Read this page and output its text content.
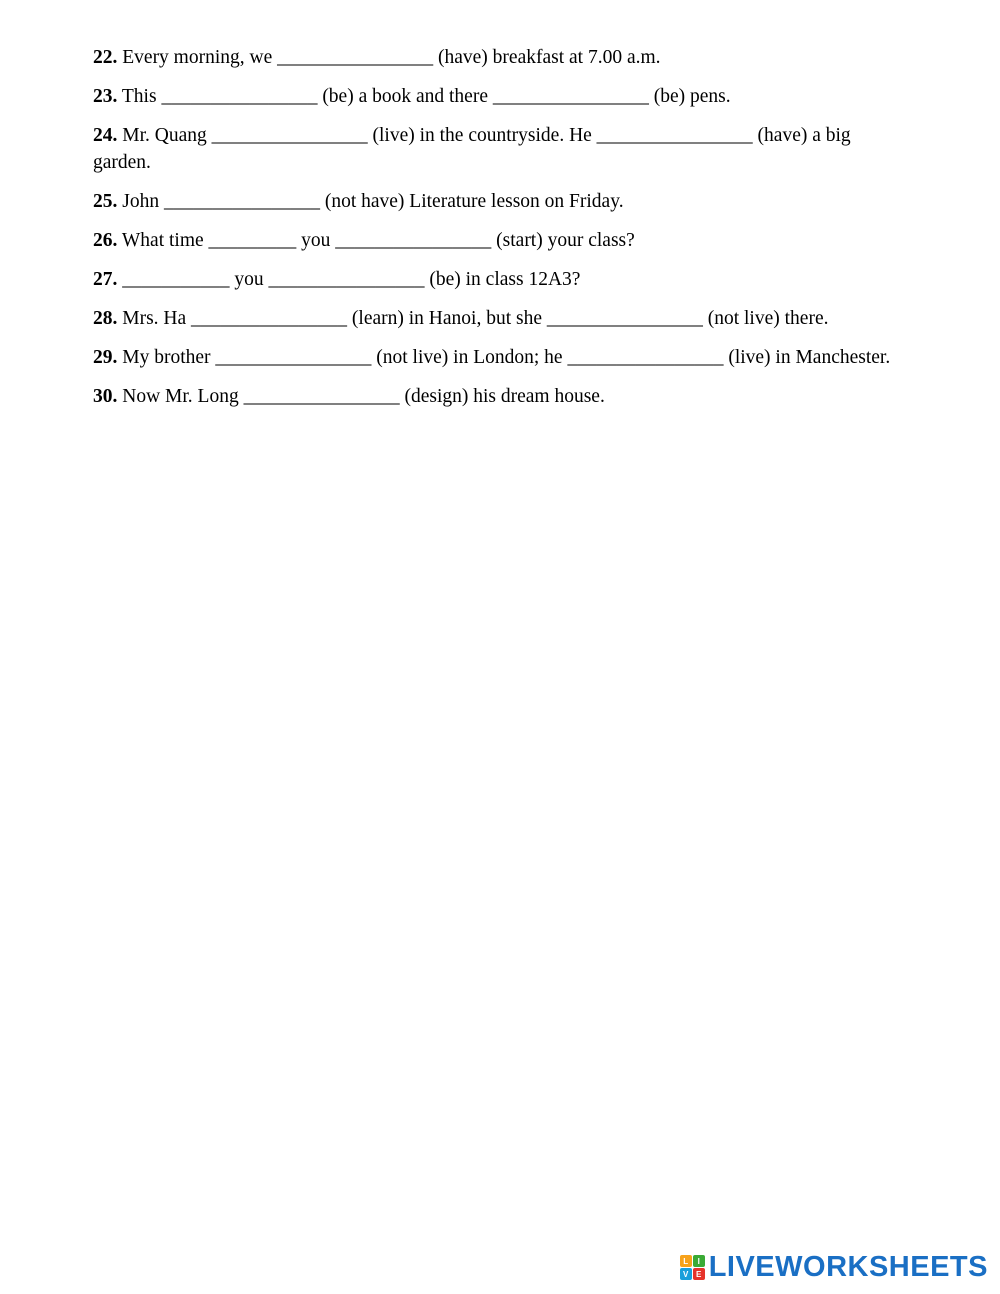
22. Every morning, we ________________ (have) breakfast at 7.00 a.m.

23. This ________________ (be) a book and there ________________ (be) pens.

24. Mr. Quang ________________ (live) in the countryside. He ________________ (have) a big garden.

25. John ________________ (not have) Literature lesson on Friday.

26. What time _________ you ________________ (start) your class?

27. ___________ you ________________ (be) in class 12A3?

28. Mrs. Ha ________________ (learn) in Hanoi, but she ________________ (not live) there.

29. My brother ________________ (not live) in London; he ________________ (live) in Manchester.

30. Now Mr. Long ________________ (design) his dream house.

L	I
V E LIVEWORKSHEETS
